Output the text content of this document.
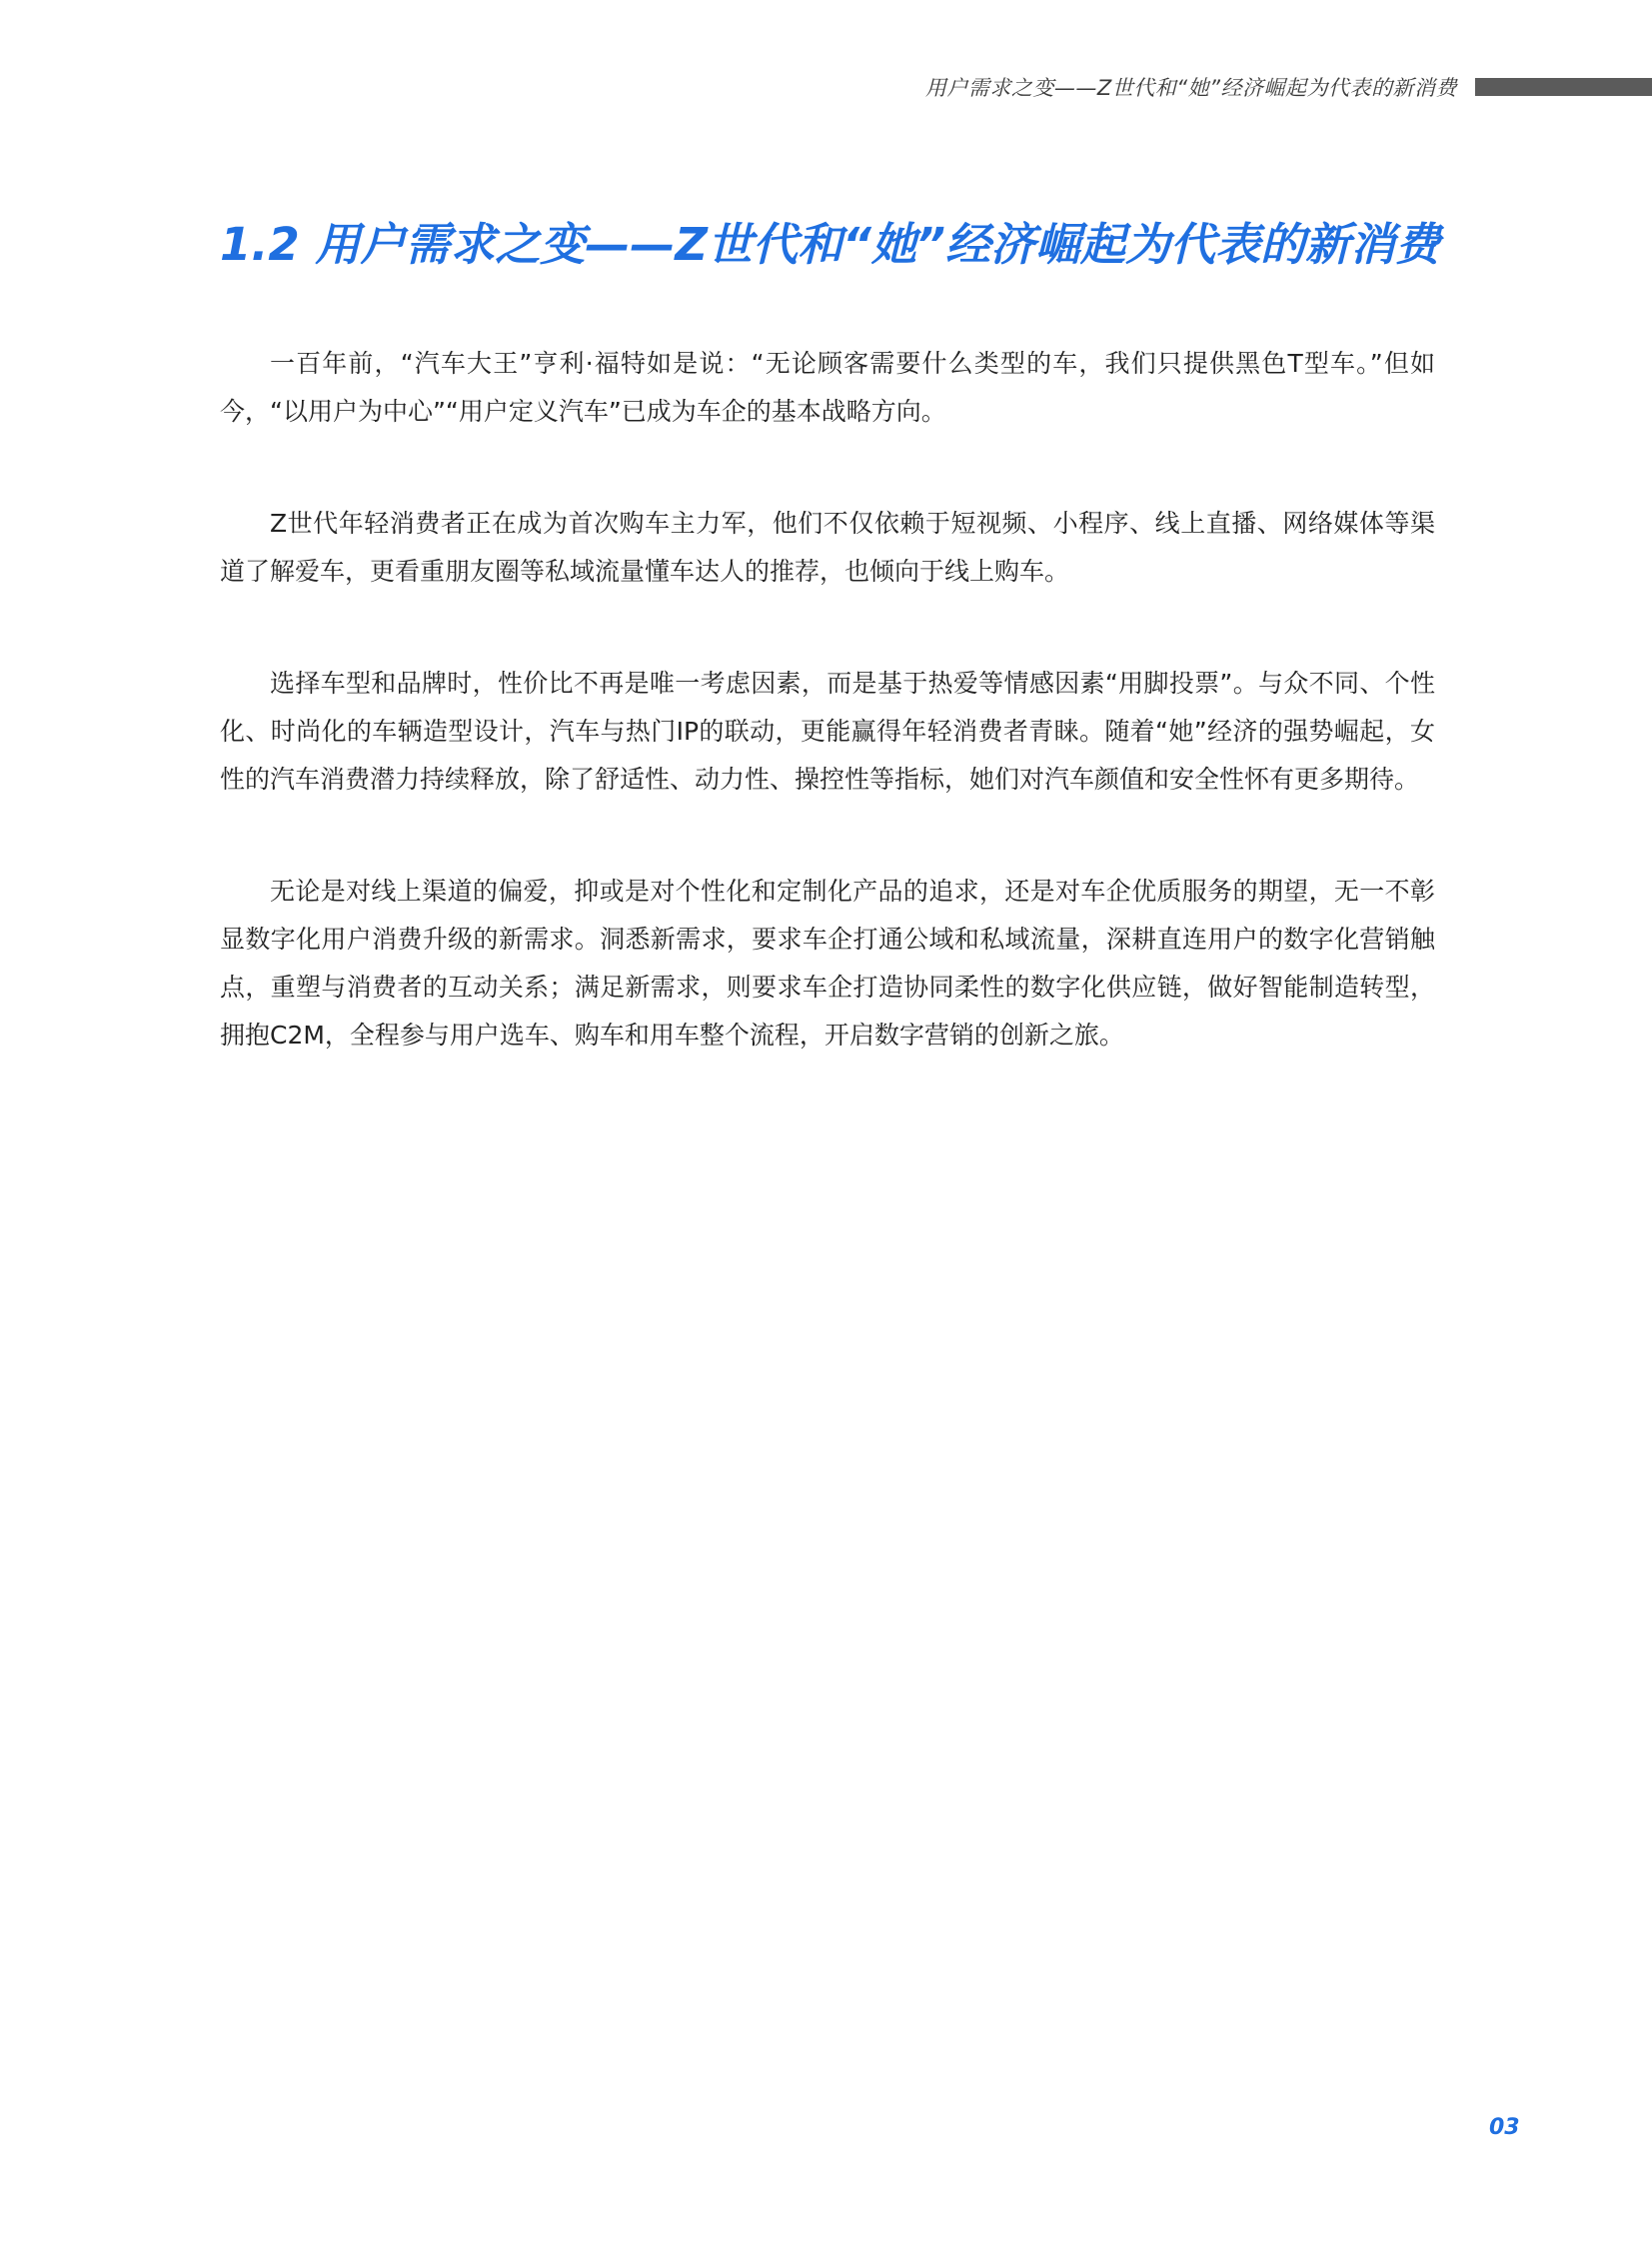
用户需求之变——Z世代和“她”经济崛起为代表的新消费
1.2 用户需求之变——Z世代和“她”经济崛起为代表的新消费

一百年前，“汽车大王”亨利·福特如是说：“无论顾客需要什么类型的车，我们只提供黑色T型车。”但如今，“以用户为中心”“用户定义汽车”已成为车企的基本战略方向。

Z世代年轻消费者正在成为首次购车主力军，他们不仅依赖于短视频、小程序、线上直播、网络媒体等渠道了解爱车，更看重朋友圈等私域流量懂车达人的推荐，也倾向于线上购车。

选择车型和品牌时，性价比不再是唯一考虑因素，而是基于热爱等情感因素“用脚投票”。与众不同、个性化、时尚化的车辆造型设计，汽车与热门IP的联动，更能赢得年轻消费者青睐。随着“她”经济的强势崛起，女性的汽车消费潜力持续释放，除了舒适性、动力性、操控性等指标，她们对汽车颜值和安全性怀有更多期待。

无论是对线上渠道的偏爱，抑或是对个性化和定制化产品的追求，还是对车企优质服务的期望，无一不彰显数字化用户消费升级的新需求。洞悉新需求，要求车企打通公域和私域流量，深耕直连用户的数字化营销触点，重塑与消费者的互动关系；满足新需求，则要求车企打造协同柔性的数字化供应链，做好智能制造转型，拥抱C2M，全程参与用户选车、购车和用车整个流程，开启数字营销的创新之旅。

03
